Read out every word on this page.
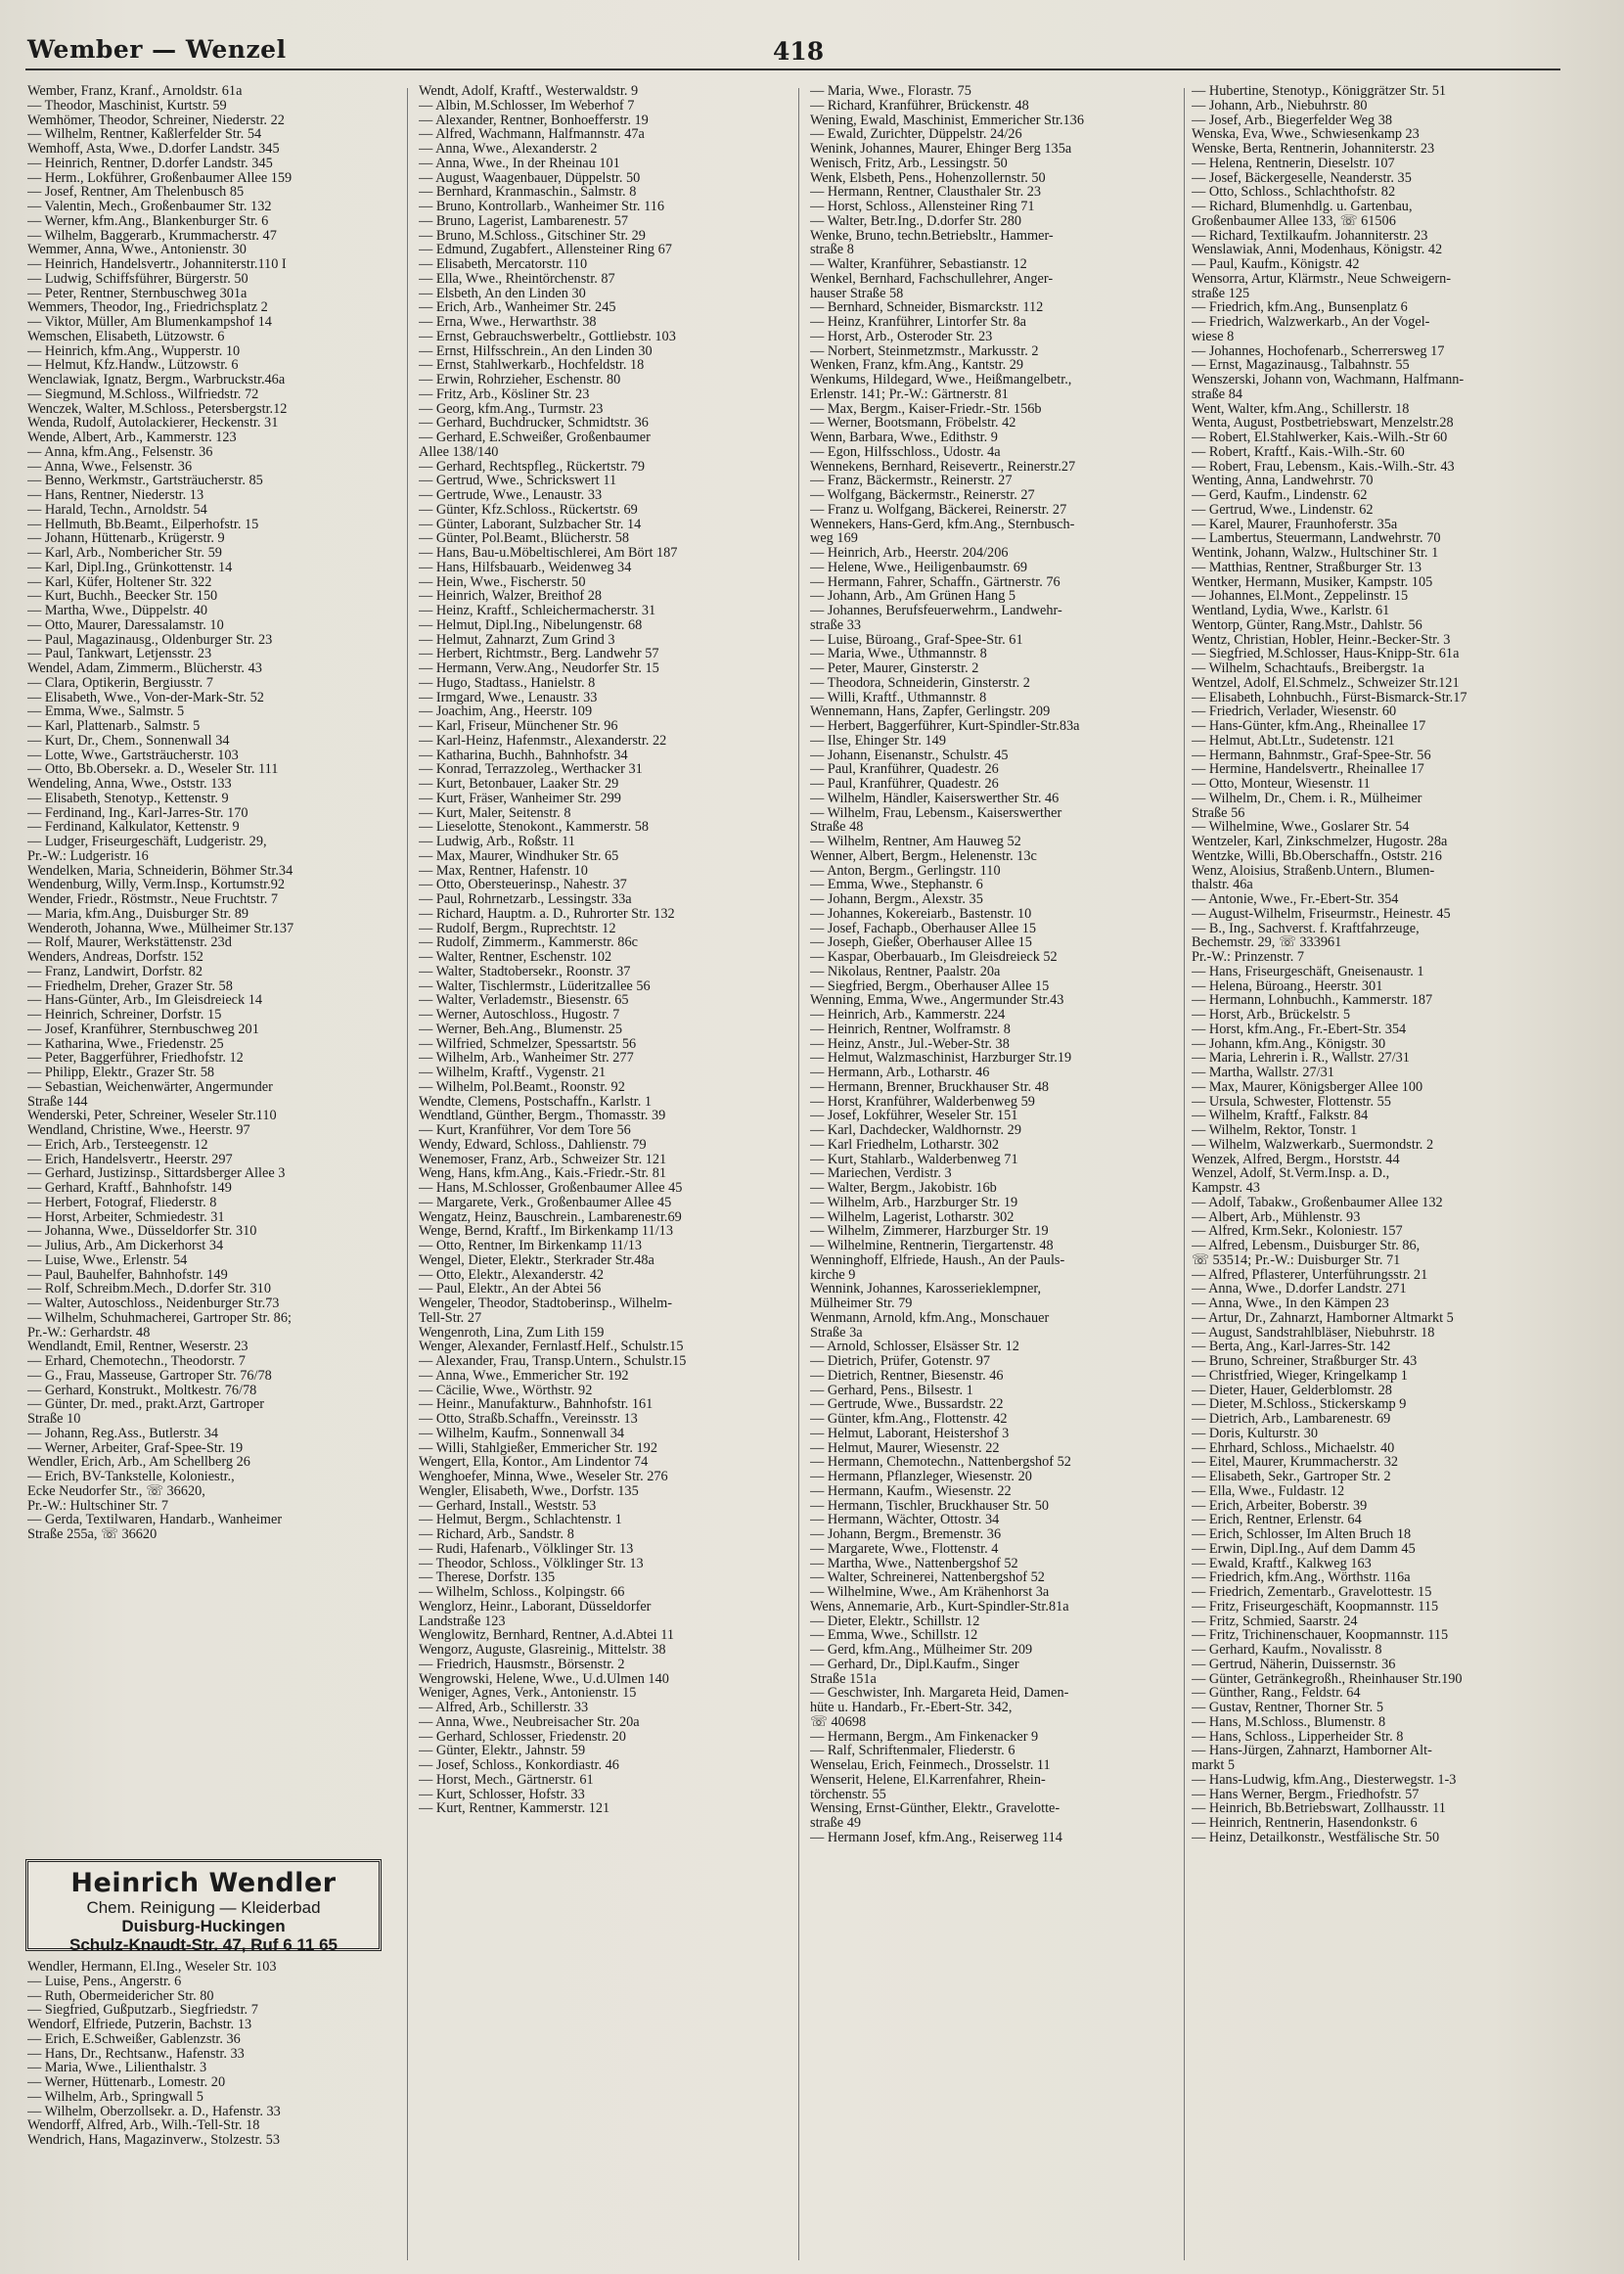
Wember — Wenzel	418
Wember, Franz, Kranf., Arnoldstr. 61a
— Theodor, Maschinist, Kurtstr. 59
Wemhömer, Theodor, Schreiner, Niederstr. 22
— Wilhelm, Rentner, Kaßlerfelder Str. 54
Wemhoff, Asta, Wwe., D.dorfer Landstr. 345
— Heinrich, Rentner, D.dorfer Landstr. 345
— Herm., Lokführer, Großenbaumer Allee 159
— Josef, Rentner, Am Thelenbusch 85
— Valentin, Mech., Großenbaumer Str. 132
— Werner, kfm.Ang., Blankenburger Str. 6
— Wilhelm, Baggerarb., Krummacherstr. 47
Wemmer, Anna, Wwe., Antonienstr. 30
— Heinrich, Handelsvertr., Johanniterstr.110 I
— Ludwig, Schiffsführer, Bürgerstr. 50
— Peter, Rentner, Sternbuschweg 301a
Wemmers, Theodor, Ing., Friedrichsplatz 2
— Viktor, Müller, Am Blumenkampshof 14
Wemschen, Elisabeth, Lützowstr. 6
— Heinrich, kfm.Ang., Wupperstr. 10
— Helmut, Kfz.Handw., Lützowstr. 6
Wenclawiak, Ignatz, Bergm., Warbruckstr.46a
— Siegmund, M.Schloss., Wilfriedstr. 72
Wenczek, Walter, M.Schloss., Petersbergstr.12
Wenda, Rudolf, Autolackierer, Heckenstr. 31
Wende, Albert, Arb., Kammerstr. 123
— Anna, kfm.Ang., Felsenstr. 36
— Anna, Wwe., Felsenstr. 36
— Benno, Werkmstr., Gartsträucherstr. 85
— Hans, Rentner, Niederstr. 13
— Harald, Techn., Arnoldstr. 54
— Hellmuth, Bb.Beamt., Eilperhofstr. 15
— Johann, Hüttenarb., Krügerstr. 9
— Karl, Arb., Nombericher Str. 59
— Karl, Dipl.Ing., Grünkottenstr. 14
— Karl, Küfer, Holtener Str. 322
— Kurt, Buchh., Beecker Str. 150
— Martha, Wwe., Düppelstr. 40
— Otto, Maurer, Daressalamstr. 10
— Paul, Magazinausg., Oldenburger Str. 23
— Paul, Tankwart, Letjensstr. 23
Wendel, Adam, Zimmerm., Blücherstr. 43
— Clara, Optikerin, Bergiusstr. 7
— Elisabeth, Wwe., Von-der-Mark-Str. 52
— Emma, Wwe., Salmstr. 5
— Karl, Plattenarb., Salmstr. 5
— Kurt, Dr., Chem., Sonnenwall 34
— Lotte, Wwe., Gartsträucherstr. 103
— Otto, Bb.Obersekr. a. D., Weseler Str. 111
Wendeling, Anna, Wwe., Oststr. 133
— Elisabeth, Stenotyp., Kettenstr. 9
— Ferdinand, Ing., Karl-Jarres-Str. 170
— Ferdinand, Kalkulator, Kettenstr. 9
— Ludger, Friseurgeschäft, Ludgeristr. 29,
Pr.-W.: Ludgeristr. 16
Wendelken, Maria, Schneiderin, Böhmer Str.34
Wendenburg, Willy, Verm.Insp., Kortumstr.92
Wender, Friedr., Röstmstr., Neue Fruchtstr. 7
— Maria, kfm.Ang., Duisburger Str. 89
Wenderoth, Johanna, Wwe., Mülheimer Str.137
— Rolf, Maurer, Werkstättenstr. 23d
Wenders, Andreas, Dorfstr. 152
— Franz, Landwirt, Dorfstr. 82
— Friedhelm, Dreher, Grazer Str. 58
— Hans-Günter, Arb., Im Gleisdreieck 14
— Heinrich, Schreiner, Dorfstr. 15
— Josef, Kranführer, Sternbuschweg 201
— Katharina, Wwe., Friedenstr. 25
— Peter, Baggerführer, Friedhofstr. 12
— Philipp, Elektr., Grazer Str. 58
— Sebastian, Weichenwärter, Angermunder
Straße 144
Wenderski, Peter, Schreiner, Weseler Str.110
Wendland, Christine, Wwe., Heerstr. 97
— Erich, Arb., Tersteegenstr. 12
— Erich, Handelsvertr., Heerstr. 297
— Gerhard, Justizinsp., Sittardsberger Allee 3
— Gerhard, Kraftf., Bahnhofstr. 149
— Herbert, Fotograf, Fliederstr. 8
— Horst, Arbeiter, Schmiedestr. 31
— Johanna, Wwe., Düsseldorfer Str. 310
— Julius, Arb., Am Dickerhorst 34
— Luise, Wwe., Erlenstr. 54
— Paul, Bauhelfer, Bahnhofstr. 149
— Rolf, Schreibm.Mech., D.dorfer Str. 310
— Walter, Autoschloss., Neidenburger Str.73
— Wilhelm, Schuhmacherei, Gartroper Str. 86;
Pr.-W.: Gerhardstr. 48
Wendlandt, Emil, Rentner, Weserstr. 23
— Erhard, Chemotechn., Theodorstr. 7
— G., Frau, Masseuse, Gartroper Str. 76/78
— Gerhard, Konstrukt., Moltkestr. 76/78
— Günter, Dr. med., prakt.Arzt, Gartroper
Straße 10
— Johann, Reg.Ass., Butlerstr. 34
— Werner, Arbeiter, Graf-Spee-Str. 19
Wendler, Erich, Arb., Am Schellberg 26
— Erich, BV-Tankstelle, Koloniestr.,
Ecke Neudorfer Str., ☏ 36620,
Pr.-W.: Hultschiner Str. 7
— Gerda, Textilwaren, Handarb., Wanheimer
Straße 255a, ☏ 36620
Heinrich Wendler
Chem. Reinigung — Kleiderbad
Duisburg-Huckingen
Schulz-Knaudt-Str. 47, Ruf 6 11 65
Wendler, Hermann, El.Ing., Weseler Str. 103
— Luise, Pens., Angerstr. 6
— Ruth, Obermeidericher Str. 80
— Siegfried, Gußputzarb., Siegfriedstr. 7
Wendorf, Elfriede, Putzerin, Bachstr. 13
— Erich, E.Schweißer, Gablenzstr. 36
— Hans, Dr., Rechtsanw., Hafenstr. 33
— Maria, Wwe., Lilienthalstr. 3
— Werner, Hüttenarb., Lomestr. 20
— Wilhelm, Arb., Springwall 5
— Wilhelm, Oberzollsekr. a. D., Hafenstr. 33
Wendorff, Alfred, Arb., Wilh.-Tell-Str. 18
Wendrich, Hans, Magazinverw., Stolzestr. 53
Wendt, Adolf, Kraftf., Westerwaldstr. 9
— Albin, M.Schlosser, Im Weberhof 7
— Alexander, Rentner, Bonhoefferstr. 19
— Alfred, Wachmann, Halfmannstr. 47a
— Anna, Wwe., Alexanderstr. 2
— Anna, Wwe., In der Rheinau 101
— August, Waagenbauer, Düppelstr. 50
— Bernhard, Kranmaschin., Salmstr. 8
— Bruno, Kontrollarb., Wanheimer Str. 116
— Bruno, Lagerist, Lambarenestr. 57
— Bruno, M.Schloss., Gitschiner Str. 29
— Edmund, Zugabfert., Allensteiner Ring 67
— Elisabeth, Mercatorstr. 110
— Ella, Wwe., Rheintörchenstr. 87
— Elsbeth, An den Linden 30
— Erich, Arb., Wanheimer Str. 245
— Erna, Wwe., Herwarthstr. 38
— Ernst, Gebrauchswerbeltr., Gottliebstr. 103
— Ernst, Hilfsschrein., An den Linden 30
— Ernst, Stahlwerkarb., Hochfeldstr. 18
— Erwin, Rohrzieher, Eschenstr. 80
— Fritz, Arb., Kösliner Str. 23
— Georg, kfm.Ang., Turmstr. 23
— Gerhard, Buchdrucker, Schmidtstr. 36
— Gerhard, E.Schweißer, Großenbaumer
Allee 138/140
— Gerhard, Rechtspfleg., Rückertstr. 79
— Gertrud, Wwe., Schrickswert 11
— Gertrude, Wwe., Lenaustr. 33
— Günter, Kfz.Schloss., Rückertstr. 69
— Günter, Laborant, Sulzbacher Str. 14
— Günter, Pol.Beamt., Blücherstr. 58
— Hans, Bau-u.Möbeltischlerei, Am Bört 187
— Hans, Hilfsbauarb., Weidenweg 34
— Hein, Wwe., Fischerstr. 50
— Heinrich, Walzer, Breithof 28
— Heinz, Kraftf., Schleichermacherstr. 31
— Helmut, Dipl.Ing., Nibelungenstr. 68
— Helmut, Zahnarzt, Zum Grind 3
— Herbert, Richtmstr., Berg. Landwehr 57
— Hermann, Verw.Ang., Neudorfer Str. 15
— Hugo, Stadtass., Hanielstr. 8
— Irmgard, Wwe., Lenaustr. 33
— Joachim, Ang., Heerstr. 109
— Karl, Friseur, Münchener Str. 96
— Karl-Heinz, Hafenmstr., Alexanderstr. 22
— Katharina, Buchh., Bahnhofstr. 34
— Konrad, Terrazzoleg., Werthacker 31
— Kurt, Betonbauer, Laaker Str. 29
— Kurt, Fräser, Wanheimer Str. 299
— Kurt, Maler, Seitenstr. 8
— Lieselotte, Stenokont., Kammerstr. 58
— Ludwig, Arb., Roßstr. 11
— Max, Maurer, Windhuker Str. 65
— Max, Rentner, Hafenstr. 10
— Otto, Obersteuerinsp., Nahestr. 37
— Paul, Rohrnetzarb., Lessingstr. 33a
— Richard, Hauptm. a. D., Ruhrorter Str. 132
— Rudolf, Bergm., Ruprechtstr. 12
— Rudolf, Zimmerm., Kammerstr. 86c
— Walter, Rentner, Eschenstr. 102
— Walter, Stadtobersekr., Roonstr. 37
— Walter, Tischlermstr., Lüderitzallee 56
— Walter, Verlademstr., Biesenstr. 65
— Werner, Autoschloss., Hugostr. 7
— Werner, Beh.Ang., Blumenstr. 25
— Wilfried, Schmelzer, Spessartstr. 56
— Wilhelm, Arb., Wanheimer Str. 277
— Wilhelm, Kraftf., Vygenstr. 21
— Wilhelm, Pol.Beamt., Roonstr. 92
Wendte, Clemens, Postschaffn., Karlstr. 1
Wendtland, Günther, Bergm., Thomasstr. 39
— Kurt, Kranführer, Vor dem Tore 56
Wendy, Edward, Schloss., Dahlienstr. 79
Wenemoser, Franz, Arb., Schweizer Str. 121
Weng, Hans, kfm.Ang., Kais.-Friedr.-Str. 81
— Hans, M.Schlosser, Großenbaumer Allee 45
— Margarete, Verk., Großenbaumer Allee 45
Wengatz, Heinz, Bauschrein., Lambarenestr.69
Wenge, Bernd, Kraftf., Im Birkenkamp 11/13
— Otto, Rentner, Im Birkenkamp 11/13
Wengel, Dieter, Elektr., Sterkrader Str.48a
— Otto, Elektr., Alexanderstr. 42
— Paul, Elektr., An der Abtei 56
Wengeler, Theodor, Stadtoberinsp., Wilhelm-
Tell-Str. 27
Wengenroth, Lina, Zum Lith 159
Wenger, Alexander, Fernlastf.Helf., Schulstr.15
— Alexander, Frau, Transp.Untern., Schulstr.15
— Anna, Wwe., Emmericher Str. 192
— Cäcilie, Wwe., Wörthstr. 92
— Heinr., Manufakturw., Bahnhofstr. 161
— Otto, Straßb.Schaffn., Vereinsstr. 13
— Wilhelm, Kaufm., Sonnenwall 34
— Willi, Stahlgießer, Emmericher Str. 192
Wengert, Ella, Kontor., Am Lindentor 74
Wenghoefer, Minna, Wwe., Weseler Str. 276
Wengler, Elisabeth, Wwe., Dorfstr. 135
— Gerhard, Install., Weststr. 53
— Helmut, Bergm., Schlachtenstr. 1
— Richard, Arb., Sandstr. 8
— Rudi, Hafenarb., Völklinger Str. 13
— Theodor, Schloss., Völklinger Str. 13
— Therese, Dorfstr. 135
— Wilhelm, Schloss., Kolpingstr. 66
Wenglorz, Heinr., Laborant, Düsseldorfer
Landstraße 123
Wenglowitz, Bernhard, Rentner, A.d.Abtei 11
Wengorz, Auguste, Glasreinig., Mittelstr. 38
— Friedrich, Hausmstr., Börsenstr. 2
Wengrowski, Helene, Wwe., U.d.Ulmen 140
Weniger, Agnes, Verk., Antonienstr. 15
— Alfred, Arb., Schillerstr. 33
— Anna, Wwe., Neubreisacher Str. 20a
— Gerhard, Schlosser, Friedenstr. 20
— Günter, Elektr., Jahnstr. 59
— Josef, Schloss., Konkordiastr. 46
— Horst, Mech., Gärtnerstr. 61
— Kurt, Schlosser, Hofstr. 33
— Kurt, Rentner, Kammerstr. 121
— Maria, Wwe., Florastr. 75
— Richard, Kranführer, Brückenstr. 48
Wening, Ewald, Maschinist, Emmericher Str.136
— Ewald, Zurichter, Düppelstr. 24/26
Wenink, Johannes, Maurer, Ehinger Berg 135a
Wenisch, Fritz, Arb., Lessingstr. 50
Wenk, Elsbeth, Pens., Hohenzollernstr. 50
— Hermann, Rentner, Clausthaler Str. 23
— Horst, Schloss., Allensteiner Ring 71
— Walter, Betr.Ing., D.dorfer Str. 280
Wenke, Bruno, techn.Betriebsltr., Hammer-
straße 8
— Walter, Kranführer, Sebastianstr. 12
Wenkel, Bernhard, Fachschullehrer, Anger-
hauser Straße 58
— Bernhard, Schneider, Bismarckstr. 112
— Heinz, Kranführer, Lintorfer Str. 8a
— Horst, Arb., Osteroder Str. 23
— Norbert, Steinmetzmstr., Markusstr. 2
Wenken, Franz, kfm.Ang., Kantstr. 29
Wenkums, Hildegard, Wwe., Heißmangelbetr.,
Erlenstr. 141; Pr.-W.: Gärtnerstr. 81
— Max, Bergm., Kaiser-Friedr.-Str. 156b
— Werner, Bootsmann, Fröbelstr. 42
Wenn, Barbara, Wwe., Edithstr. 9
— Egon, Hilfsschloss., Udostr. 4a
Wennekens, Bernhard, Reisevertr., Reinerstr.27
— Franz, Bäckermstr., Reinerstr. 27
— Wolfgang, Bäckermstr., Reinerstr. 27
— Franz u. Wolfgang, Bäckerei, Reinerstr. 27
Wennekers, Hans-Gerd, kfm.Ang., Sternbusch-
weg 169
— Heinrich, Arb., Heerstr. 204/206
— Helene, Wwe., Heiligenbaumstr. 69
— Hermann, Fahrer, Schaffn., Gärtnerstr. 76
— Johann, Arb., Am Grünen Hang 5
— Johannes, Berufsfeuerwehrm., Landwehr-
straße 33
— Luise, Büroang., Graf-Spee-Str. 61
— Maria, Wwe., Uthmannstr. 8
— Peter, Maurer, Ginsterstr. 2
— Theodora, Schneiderin, Ginsterstr. 2
— Willi, Kraftf., Uthmannstr. 8
Wennemann, Hans, Zapfer, Gerlingstr. 209
— Herbert, Baggerführer, Kurt-Spindler-Str.83a
— Ilse, Ehinger Str. 149
— Johann, Eisenanstr., Schulstr. 45
— Paul, Kranführer, Quadestr. 26
— Paul, Kranführer, Quadestr. 26
— Wilhelm, Händler, Kaiserswerther Str. 46
— Wilhelm, Frau, Lebensm., Kaiserswerther
Straße 48
— Wilhelm, Rentner, Am Hauweg 52
Wenner, Albert, Bergm., Helenenstr. 13c
— Anton, Bergm., Gerlingstr. 110
— Emma, Wwe., Stephanstr. 6
— Johann, Bergm., Alexstr. 35
— Johannes, Kokereiarb., Bastenstr. 10
— Josef, Fachарb., Oberhauser Allee 15
— Joseph, Gießer, Oberhauser Allee 15
— Kaspar, Oberbauarb., Im Gleisdreieck 52
— Nikolaus, Rentner, Paalstr. 20a
— Siegfried, Bergm., Oberhauser Allee 15
Wenning, Emma, Wwe., Angermunder Str.43
— Heinrich, Arb., Kammerstr. 224
— Heinrich, Rentner, Wolframstr. 8
— Heinz, Anstr., Jul.-Weber-Str. 38
— Helmut, Walzmaschinist, Harzburger Str.19
— Hermann, Arb., Lotharstr. 46
— Hermann, Brenner, Bruckhauser Str. 48
— Horst, Kranführer, Walderbenweg 59
— Josef, Lokführer, Weseler Str. 151
— Karl, Dachdecker, Waldhornstr. 29
— Karl Friedhelm, Lotharstr. 302
— Kurt, Stahlarb., Walderbenweg 71
— Mariechen, Verdistr. 3
— Walter, Bergm., Jakobistr. 16b
— Wilhelm, Arb., Harzburger Str. 19
— Wilhelm, Lagerist, Lotharstr. 302
— Wilhelm, Zimmerer, Harzburger Str. 19
— Wilhelmine, Rentnerin, Tiergartenstr. 48
Wenninghoff, Elfriede, Haush., An der Pauls-
kirche 9
Wennink, Johannes, Karosserieklempner,
Mülheimer Str. 79
Wenmann, Arnold, kfm.Ang., Monschauer
Straße 3a
— Arnold, Schlosser, Elsässer Str. 12
— Dietrich, Prüfer, Gotenstr. 97
— Dietrich, Rentner, Biesenstr. 46
— Gerhard, Pens., Bilsestr. 1
— Gertrude, Wwe., Bussardstr. 22
— Günter, kfm.Ang., Flottenstr. 42
— Helmut, Laborant, Heistershof 3
— Helmut, Maurer, Wiesenstr. 22
— Hermann, Chemotechn., Nattenbergshof 52
— Hermann, Pflanzleger, Wiesenstr. 20
— Hermann, Kaufm., Wiesenstr. 22
— Hermann, Tischler, Bruckhauser Str. 50
— Hermann, Wächter, Ottostr. 34
— Johann, Bergm., Bremenstr. 36
— Margarete, Wwe., Flottenstr. 4
— Martha, Wwe., Nattenbergshof 52
— Walter, Schreinerei, Nattenbergshof 52
— Wilhelmine, Wwe., Am Krähenhorst 3a
Wens, Annemarie, Arb., Kurt-Spindler-Str.81a
— Dieter, Elektr., Schillstr. 12
— Emma, Wwe., Schillstr. 12
— Gerd, kfm.Ang., Mülheimer Str. 209
— Gerhard, Dr., Dipl.Kaufm., Singer
Straße 151a
— Geschwister, Inh. Margareta Heid, Damen-
hüte u. Handarb., Fr.-Ebert-Str. 342,
☏ 40698
— Hermann, Bergm., Am Finkenacker 9
— Ralf, Schriftenmaler, Fliederstr. 6
Wenselau, Erich, Feinmech., Drosselstr. 11
Wenserit, Helene, El.Karrenfahrer, Rhein-
törchenstr. 55
Wensing, Ernst-Günther, Elektr., Gravelotte-
straße 49
— Hermann Josef, kfm.Ang., Reiserweg 114
— Hubertine, Stenotyp., Königgrätzer Str. 51
— Johann, Arb., Niebuhrstr. 80
— Josef, Arb., Biegerfelder Weg 38
Wenska, Eva, Wwe., Schwiesenkamp 23
Wenske, Berta, Rentnerin, Johanniterstr. 23
— Helena, Rentnerin, Dieselstr. 107
— Josef, Bäckergeselle, Neanderstr. 35
— Otto, Schloss., Schlachthofstr. 82
— Richard, Blumenhdlg. u. Gartenbau,
Großenbaumer Allee 133, ☏ 61506
— Richard, Textilkaufm. Johanniterstr. 23
Wenslawiak, Anni, Modenhaus, Königstr. 42
— Paul, Kaufm., Königstr. 42
Wensorra, Artur, Klärmstr., Neue Schweigern-
straße 125
— Friedrich, kfm.Ang., Bunsenplatz 6
— Friedrich, Walzwerkarb., An der Vogel-
wiese 8
— Johannes, Hochofenarb., Scherrersweg 17
— Ernst, Magazinausg., Talbahnstr. 55
Wenszerski, Johann von, Wachmann, Halfmann-
straße 84
Went, Walter, kfm.Ang., Schillerstr. 18
Wenta, August, Postbetriebswart, Menzelstr.28
— Robert, El.Stahlwerker, Kais.-Wilh.-Str 60
— Robert, Kraftf., Kais.-Wilh.-Str. 60
— Robert, Frau, Lebensm., Kais.-Wilh.-Str. 43
Wenting, Anna, Landwehrstr. 70
— Gerd, Kaufm., Lindenstr. 62
— Gertrud, Wwe., Lindenstr. 62
— Karel, Maurer, Fraunhoferstr. 35a
— Lambertus, Steuermann, Landwehrstr. 70
Wentink, Johann, Walzw., Hultschiner Str. 1
— Matthias, Rentner, Straßburger Str. 13
Wentker, Hermann, Musiker, Kampstr. 105
— Johannes, El.Mont., Zeppelinstr. 15
Wentland, Lydia, Wwe., Karlstr. 61
Wentorp, Günter, Rang.Mstr., Dahlstr. 56
Wentz, Christian, Hobler, Heinr.-Becker-Str. 3
— Siegfried, M.Schlosser, Haus-Knipp-Str. 61a
— Wilhelm, Schachtaufs., Breibergstr. 1a
Wentzel, Adolf, El.Schmelz., Schweizer Str.121
— Elisabeth, Lohnbuchh., Fürst-Bismarck-Str.17
— Friedrich, Verlader, Wiesenstr. 60
— Hans-Günter, kfm.Ang., Rheinallee 17
— Helmut, Abt.Ltr., Sudetenstr. 121
— Hermann, Bahnmstr., Graf-Spee-Str. 56
— Hermine, Handelsvertr., Rheinallee 17
— Otto, Monteur, Wiesenstr. 11
— Wilhelm, Dr., Chem. i. R., Mülheimer
Straße 56
— Wilhelmine, Wwe., Goslarer Str. 54
Wentzeler, Karl, Zinkschmelzer, Hugostr. 28a
Wentzke, Willi, Bb.Oberschaffn., Oststr. 216
Wenz, Aloisius, Straßenb.Untern., Blumen-
thalstr. 46a
— Antonie, Wwe., Fr.-Ebert-Str. 354
— August-Wilhelm, Friseurmstr., Heinestr. 45
— B., Ing., Sachverst. f. Kraftfahrzeuge,
Bechemstr. 29, ☏ 333961
Pr.-W.: Prinzenstr. 7
— Hans, Friseurgeschäft, Gneisenaustr. 1
— Helena, Büroang., Heerstr. 301
— Hermann, Lohnbuchh., Kammerstr. 187
— Horst, Arb., Brückelstr. 5
— Horst, kfm.Ang., Fr.-Ebert-Str. 354
— Johann, kfm.Ang., Königstr. 30
— Maria, Lehrerin i. R., Wallstr. 27/31
— Martha, Wallstr. 27/31
— Max, Maurer, Königsberger Allee 100
— Ursula, Schwester, Flottenstr. 55
— Wilhelm, Kraftf., Falkstr. 84
— Wilhelm, Rektor, Tonstr. 1
— Wilhelm, Walzwerkarb., Suermondstr. 2
Wenzek, Alfred, Bergm., Horststr. 44
Wenzel, Adolf, St.Verm.Insp. a. D.,
Kampstr. 43
— Adolf, Tabakw., Großenbaumer Allee 132
— Albert, Arb., Mühlenstr. 93
— Alfred, Krm.Sekr., Koloniestr. 157
— Alfred, Lebensm., Duisburger Str. 86,
☏ 53514; Pr.-W.: Duisburger Str. 71
— Alfred, Pflasterer, Unterführungsstr. 21
— Anna, Wwe., D.dorfer Landstr. 271
— Anna, Wwe., In den Kämpen 23
— Artur, Dr., Zahnarzt, Hamborner Altmarkt 5
— August, Sandstrahlbläser, Niebuhrstr. 18
— Berta, Ang., Karl-Jarres-Str. 142
— Bruno, Schreiner, Straßburger Str. 43
— Christfried, Wieger, Kringelkamp 1
— Dieter, Hauer, Gelderblomstr. 28
— Dieter, M.Schloss., Stickerskamp 9
— Dietrich, Arb., Lambarenestr. 69
— Doris, Kulturstr. 30
— Ehrhard, Schloss., Michaelstr. 40
— Eitel, Maurer, Krummacherstr. 32
— Elisabeth, Sekr., Gartroper Str. 2
— Ella, Wwe., Fuldastr. 12
— Erich, Arbeiter, Boberstr. 39
— Erich, Rentner, Erlenstr. 64
— Erich, Schlosser, Im Alten Bruch 18
— Erwin, Dipl.Ing., Auf dem Damm 45
— Ewald, Kraftf., Kalkweg 163
— Friedrich, kfm.Ang., Wörthstr. 116a
— Friedrich, Zementarb., Gravelottestr. 15
— Fritz, Friseurgeschäft, Koopmannstr. 115
— Fritz, Schmied, Saarstr. 24
— Fritz, Trichinenschauer, Koopmannstr. 115
— Gerhard, Kaufm., Novalisstr. 8
— Gertrud, Näherin, Duissernstr. 36
— Günter, Getränkegroßh., Rheinhauser Str.190
— Günther, Rang., Feldstr. 64
— Gustav, Rentner, Thorner Str. 5
— Hans, M.Schloss., Blumenstr. 8
— Hans, Schloss., Lipperheider Str. 8
— Hans-Jürgen, Zahnarzt, Hamborner Alt-
markt 5
— Hans-Ludwig, kfm.Ang., Diesterwegstr. 1-3
— Hans Werner, Bergm., Friedhofstr. 57
— Heinrich, Bb.Betriebswart, Zollhausstr. 11
— Heinrich, Rentnerin, Hasendonkstr. 6
— Heinz, Detailkonstr., Westfälische Str. 50
